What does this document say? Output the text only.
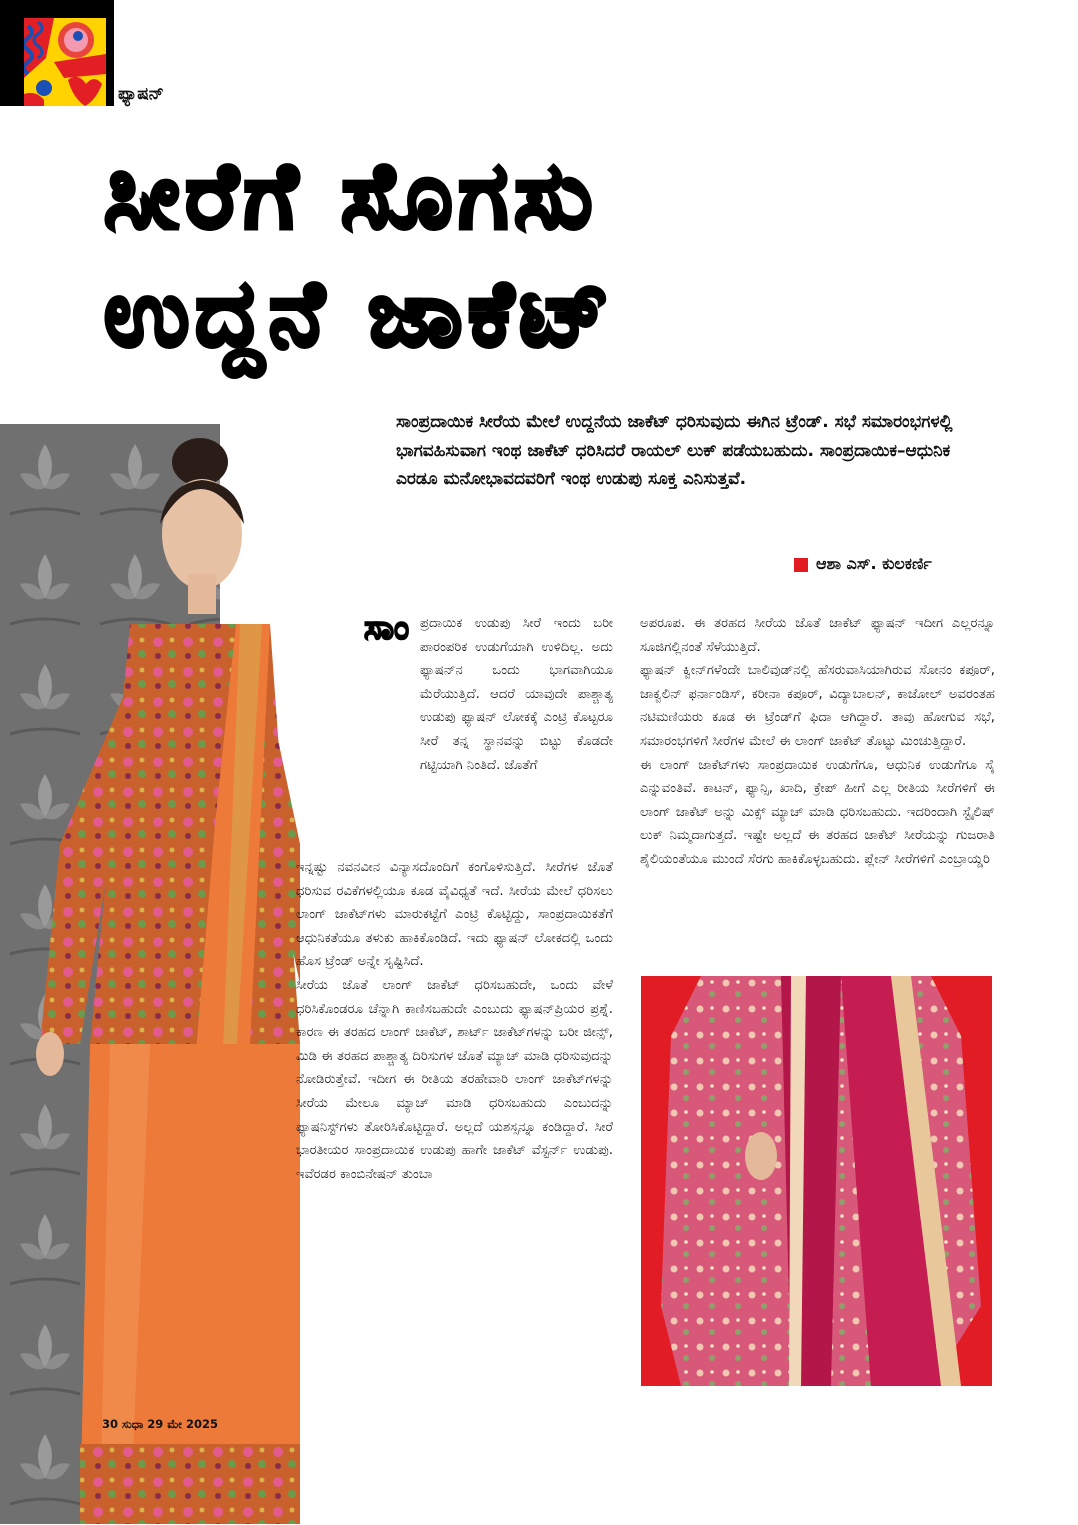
ಫ್ಯಾಷನ್
ಸೀರೆಗೆ ಸೊಗಸು
ಉದ್ದನೆ ಜಾಕೆಟ್
ಸಾಂಪ್ರದಾಯಿಕ ಸೀರೆಯ ಮೇಲೆ ಉದ್ದನೆಯ ಜಾಕೆಟ್ ಧರಿಸುವುದು ಈಗಿನ ಟ್ರೆಂಡ್. ಸಭೆ ಸಮಾರಂಭಗಳಲ್ಲಿ ಭಾಗವಹಿಸುವಾಗ ಇಂಥ ಜಾಕೆಟ್ ಧರಿಸಿದರೆ ರಾಯಲ್ ಲುಕ್ ಪಡೆಯಬಹುದು. ಸಾಂಪ್ರದಾಯಿಕ–ಆಧುನಿಕ ಎರಡೂ ಮನೋಭಾವದವರಿಗೆ ಇಂಥ ಉಡುಪು ಸೂಕ್ತ ಎನಿಸುತ್ತವೆ.
ಆಶಾ ಎಸ್. ಕುಲಕರ್ಣಿ
ಸಾಂ ಪ್ರದಾಯಿಕ ಉಡುಪು ಸೀರೆ ಇಂದು ಬರೀ ಪಾರಂಪರಿಕ ಉಡುಗೆಯಾಗಿ ಉಳಿದಿಲ್ಲ. ಅದು ಫ್ಯಾಷನ್‌ನ ಒಂದು ಭಾಗವಾಗಿಯೂ ಮೆರೆಯುತ್ತಿದೆ. ಆದರೆ ಯಾವುದೇ ಪಾಶ್ಚಾತ್ಯ ಉಡುಪು ಫ್ಯಾಷನ್ ಲೋಕಕ್ಕೆ ಎಂಟ್ರಿ ಕೊಟ್ಟರೂ ಸೀರೆ ತನ್ನ ಸ್ಥಾನವನ್ನು ಬಿಟ್ಟು ಕೊಡದೇ ಗಟ್ಟಿಯಾಗಿ ನಿಂತಿದೆ. ಜೊತೆಗೆ
ಇನ್ನಷ್ಟು ನವನವೀನ ವಿನ್ಯಾಸದೊಂದಿಗೆ ಕಂಗೊಳಿಸುತ್ತಿದೆ. ಸೀರೆಗಳ ಜೊತೆ ಧರಿಸುವ ರವಿಕೆಗಳಲ್ಲಿಯೂ ಕೂಡ ವೈವಿಧ್ಯತೆ ಇದೆ. ಸೀರೆಯ ಮೇಲೆ ಧರಿಸಲು ಲಾಂಗ್ ಜಾಕೆಟ್‌ಗಳು ಮಾರುಕಟ್ಟೆಗೆ ಎಂಟ್ರಿ ಕೊಟ್ಟಿದ್ದು, ಸಾಂಪ್ರದಾಯಿಕತೆಗೆ ಆಧುನಿಕತೆಯೂ ತಳುಕು ಹಾಕಿಕೊಂಡಿದೆ. ಇದು ಫ್ಯಾಷನ್ ಲೋಕದಲ್ಲಿ ಒಂದು ಹೊಸ ಟ್ರೆಂಡ್ ಅನ್ನೇ ಸೃಷ್ಟಿಸಿದೆ.
ಸೀರೆಯ ಜೊತೆ ಲಾಂಗ್ ಜಾಕೆಟ್ ಧರಿಸಬಹುದೇ, ಒಂದು ವೇಳೆ ಧರಿಸಿಕೊಂಡರೂ ಚೆನ್ನಾಗಿ ಕಾಣಿಸಬಹುದೇ ಎಂಬುದು ಫ್ಯಾಷನ್‌ಪ್ರಿಯರ ಪ್ರಶ್ನೆ. ಕಾರಣ ಈ ತರಹದ ಲಾಂಗ್ ಜಾಕೆಟ್, ಶಾರ್ಟ್ ಜಾಕೆಟ್‌ಗಳನ್ನು ಬರೀ ಜೀನ್ಸ್, ಮಿಡಿ ಈ ತರಹದ ಪಾಶ್ಚಾತ್ಯ ದಿರಿಸುಗಳ ಜೊತೆ ಮ್ಯಾಚ್ ಮಾಡಿ ಧರಿಸುವುದನ್ನು ನೋಡಿರುತ್ತೇವೆ. ಇದೀಗ ಈ ರೀತಿಯ ತರಹೇವಾರಿ ಲಾಂಗ್ ಜಾಕೆಟ್‌ಗಳನ್ನು ಸೀರೆಯ ಮೇಲೂ ಮ್ಯಾಚ್ ಮಾಡಿ ಧರಿಸಬಹುದು ಎಂಬುದನ್ನು ಫ್ಯಾಷನಿಸ್ಟ್‌ಗಳು ತೋರಿಸಿಕೊಟ್ಟಿದ್ದಾರೆ. ಅಲ್ಲದೆ ಯಶಸ್ಸನ್ನೂ ಕಂಡಿದ್ದಾರೆ. ಸೀರೆ ಭಾರತೀಯರ ಸಾಂಪ್ರದಾಯಿಕ ಉಡುಪು ಹಾಗೇ ಜಾಕೆಟ್ ವೆಸ್ಟರ್ನ್ ಉಡುಪು. ಇವೆರಡರ ಕಾಂಬಿನೇಷನ್ ತುಂಬಾ
ಅಪರೂಪ. ಈ ತರಹದ ಸೀರೆಯ ಜೊತೆ ಜಾಕೆಟ್ ಫ್ಯಾಷನ್ ಇದೀಗ ಎಲ್ಲರನ್ನೂ ಸೂಜಿಗಲ್ಲಿನಂತೆ ಸೆಳೆಯುತ್ತಿದೆ.
ಫ್ಯಾಷನ್ ಕ್ವೀನ್‌ಗಳೆಂದೇ ಬಾಲಿವುಡ್‌ನಲ್ಲಿ ಹೆಸರುವಾಸಿಯಾಗಿರುವ ಸೋನಂ ಕಪೂರ್, ಜಾಕ್ವಲಿನ್ ಫರ್ನಾಂಡಿಸ್, ಕರೀನಾ ಕಪೂರ್, ವಿದ್ಯಾಬಾಲನ್, ಕಾಜೋಲ್ ಅವರಂತಹ ನಟಿಮಣಿಯರು ಕೂಡ ಈ ಟ್ರೆಂಡ್‌ಗೆ ಫಿದಾ ಆಗಿದ್ದಾರೆ. ತಾವು ಹೋಗುವ ಸಭೆ, ಸಮಾರಂಭಗಳಿಗೆ ಸೀರೆಗಳ ಮೇಲೆ ಈ ಲಾಂಗ್ ಜಾಕೆಟ್ ತೊಟ್ಟು ಮಿಂಚುತ್ತಿದ್ದಾರೆ.
ಈ ಲಾಂಗ್ ಜಾಕೆಟ್‌ಗಳು ಸಾಂಪ್ರದಾಯಿಕ ಉಡುಗೆಗೂ, ಆಧುನಿಕ ಉಡುಗೆಗೂ ಸೈ ಎನ್ನುವಂತಿವೆ. ಕಾಟನ್, ಫ್ಯಾನ್ಸಿ, ಖಾದಿ, ಕ್ರೇಪ್ ಹೀಗೆ ಎಲ್ಲ ರೀತಿಯ ಸೀರೆಗಳಿಗೆ ಈ ಲಾಂಗ್ ಜಾಕೆಟ್ ಅನ್ನು ಮಿಕ್ಸ್ ಮ್ಯಾಚ್ ಮಾಡಿ ಧರಿಸಬಹುದು. ಇದರಿಂದಾಗಿ ಸ್ಟೈಲಿಷ್ ಲುಕ್ ನಿಮ್ಮದಾಗುತ್ತದೆ. ಇಷ್ಟೇ ಅಲ್ಲದೆ ಈ ತರಹದ ಜಾಕೆಟ್ ಸೀರೆಯನ್ನು ಗುಜರಾತಿ ಶೈಲಿಯಂತೆಯೂ ಮುಂದೆ ಸೆರಗು ಹಾಕಿಕೊಳ್ಳಬಹುದು. ಪ್ಲೇನ್ ಸೀರೆಗಳಿಗೆ ಎಂಬ್ರಾಯ್ಡರಿ
30 ಸುಧಾ 29 ಮೇ 2025
